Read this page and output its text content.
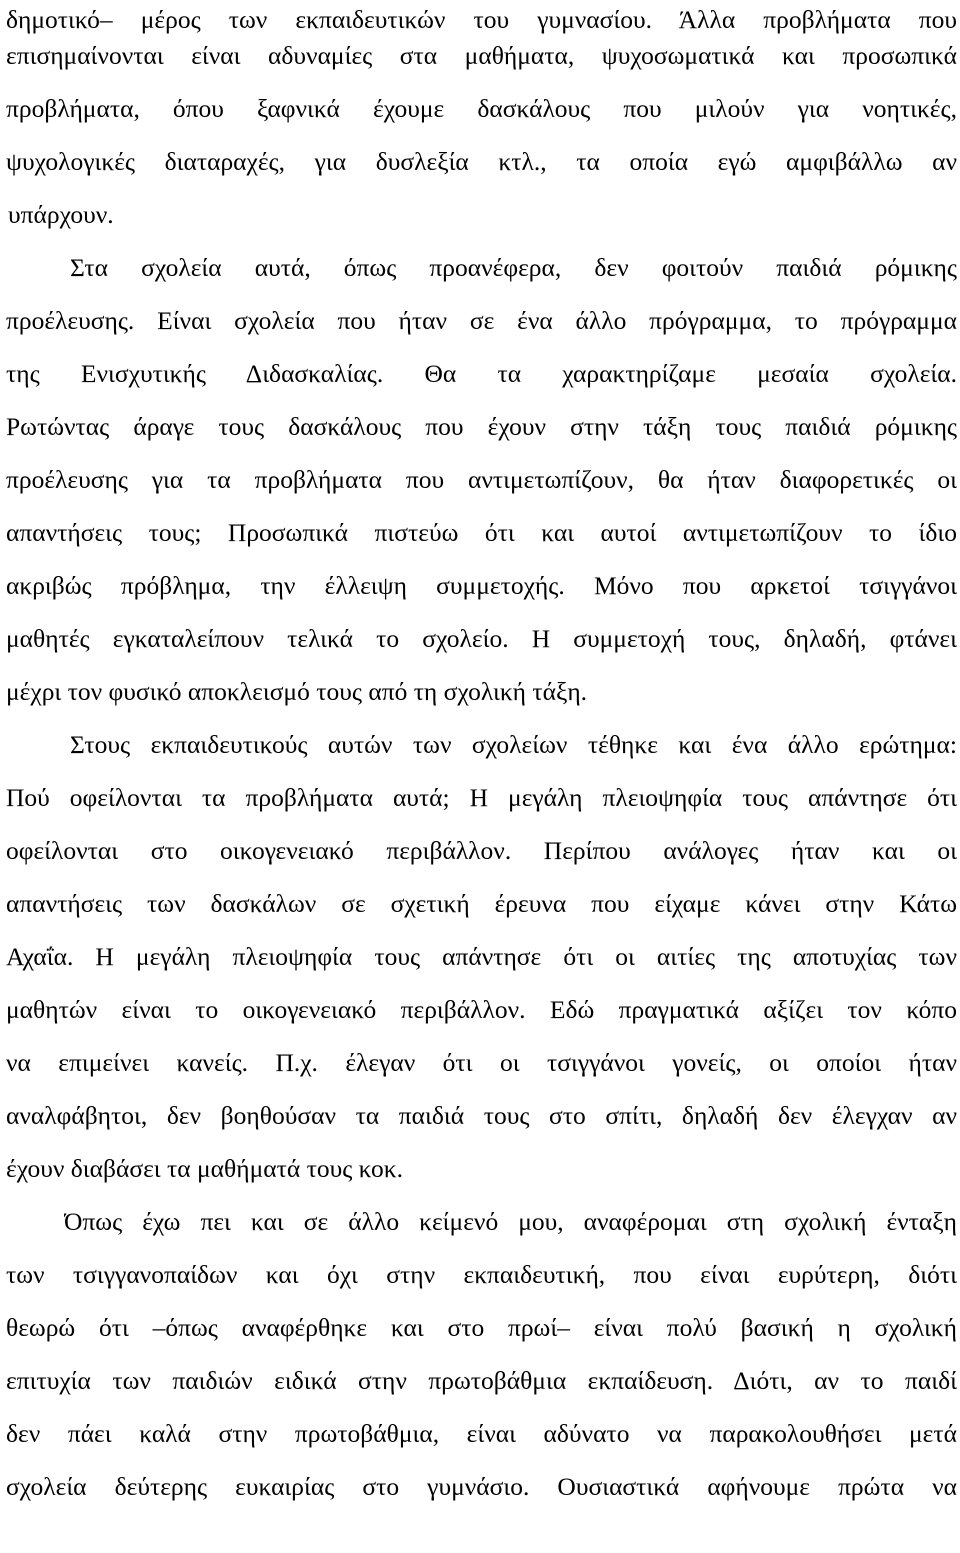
δημοτικό– μέρος των εκπαιδευτικών του γυμνασίου. Άλλα προβλήματα που
επισημαίνονται είναι αδυναμίες στα μαθήματα, ψυχοσωματικά και προσωπικά
προβλήματα, όπου ξαφνικά έχουμε δασκάλους που μιλούν για νοητικές,
ψυχολογικές διαταραχές, για δυσλεξία κτλ., τα οποία εγώ αμφιβάλλω αν
υπάρχουν.
Στα σχολεία αυτά, όπως προανέφερα, δεν φοιτούν παιδιά ρόμικης
προέλευσης. Είναι σχολεία που ήταν σε ένα άλλο πρόγραμμα, το πρόγραμμα
της Ενισχυτικής Διδασκαλίας. Θα τα χαρακτηρίζαμε μεσαία σχολεία.
Ρωτώντας άραγε τους δασκάλους που έχουν στην τάξη τους παιδιά ρόμικης
προέλευσης για τα προβλήματα που αντιμετωπίζουν, θα ήταν διαφορετικές οι
απαντήσεις τους; Προσωπικά πιστεύω ότι και αυτοί αντιμετωπίζουν το ίδιο
ακριβώς πρόβλημα, την έλλειψη συμμετοχής. Μόνο που αρκετοί τσιγγάνοι
μαθητές εγκαταλείπουν τελικά το σχολείο. Η συμμετοχή τους, δηλαδή, φτάνει
μέχρι τον φυσικό αποκλεισμό τους από τη σχολική τάξη.
Στους εκπαιδευτικούς αυτών των σχολείων τέθηκε και ένα άλλο ερώτημα:
Πού οφείλονται τα προβλήματα αυτά; Η μεγάλη πλειοψηφία τους απάντησε ότι
οφείλονται στο οικογενειακό περιβάλλον. Περίπου ανάλογες ήταν και οι
απαντήσεις των δασκάλων σε σχετική έρευνα που είχαμε κάνει στην Κάτω
Αχαΐα. Η μεγάλη πλειοψηφία τους απάντησε ότι οι αιτίες της αποτυχίας των
μαθητών είναι το οικογενειακό περιβάλλον. Εδώ πραγματικά αξίζει τον κόπο
να επιμείνει κανείς. Π.χ. έλεγαν ότι οι τσιγγάνοι γονείς, οι οποίοι ήταν
αναλφάβητοι, δεν βοηθούσαν τα παιδιά τους στο σπίτι, δηλαδή δεν έλεγχαν αν
έχουν διαβάσει τα μαθήματά τους κοκ.
Όπως έχω πει και σε άλλο κείμενό μου, αναφέρομαι στη σχολική ένταξη
των τσιγγανοπαίδων και όχι στην εκπαιδευτική, που είναι ευρύτερη, διότι
θεωρώ ότι –όπως αναφέρθηκε και στο πρωί– είναι πολύ βασική η σχολική
επιτυχία των παιδιών ειδικά στην πρωτοβάθμια εκπαίδευση. Διότι, αν το παιδί
δεν πάει καλά στην πρωτοβάθμια, είναι αδύνατο να παρακολουθήσει μετά
σχολεία δεύτερης ευκαιρίας στο γυμνάσιο. Ουσιαστικά αφήνουμε πρώτα να
